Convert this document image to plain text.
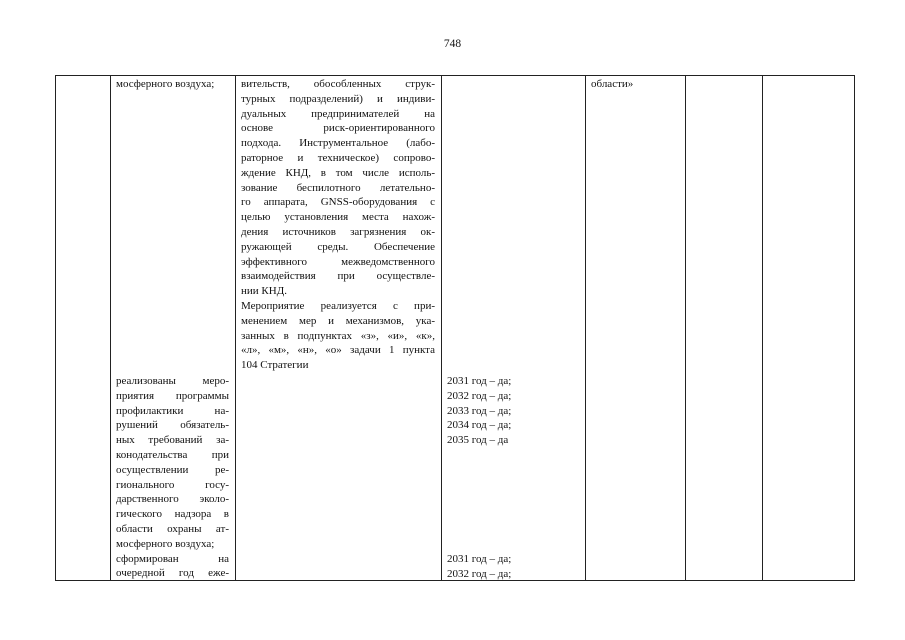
748
мосферного воздуха;
реализованы меро-
приятия программы
профилактики на-
рушений обязатель-
ных требований за-
конодательства при
осуществлении ре-
гионального госу-
дарственного эколо-
гического надзора в
области охраны ат-
мосферного воздуха;
сформирован на
очередной год еже-
вительств, обособленных струк-
турных подразделений) и индиви-
дуальных предпринимателей на
основе риск-ориентированного
подхода. Инструментальное (лабо-
раторное и техническое) сопрово-
ждение КНД, в том числе исполь-
зование беспилотного летательно-
го аппарата, GNSS-оборудования с
целью установления места нахож-
дения источников загрязнения ок-
ружающей среды. Обеспечение
эффективного межведомственного
взаимодействия при осуществле-
нии КНД.
Мероприятие реализуется с при-
менением мер и механизмов, ука-
занных в подпунктах «з», «и», «к»,
«л», «м», «н», «о» задачи 1 пункта
104 Стратегии
2031 год – да;
2032 год – да;
2033 год – да;
2034 год – да;
2035 год – да
2031 год – да;
2032 год – да;
области»
